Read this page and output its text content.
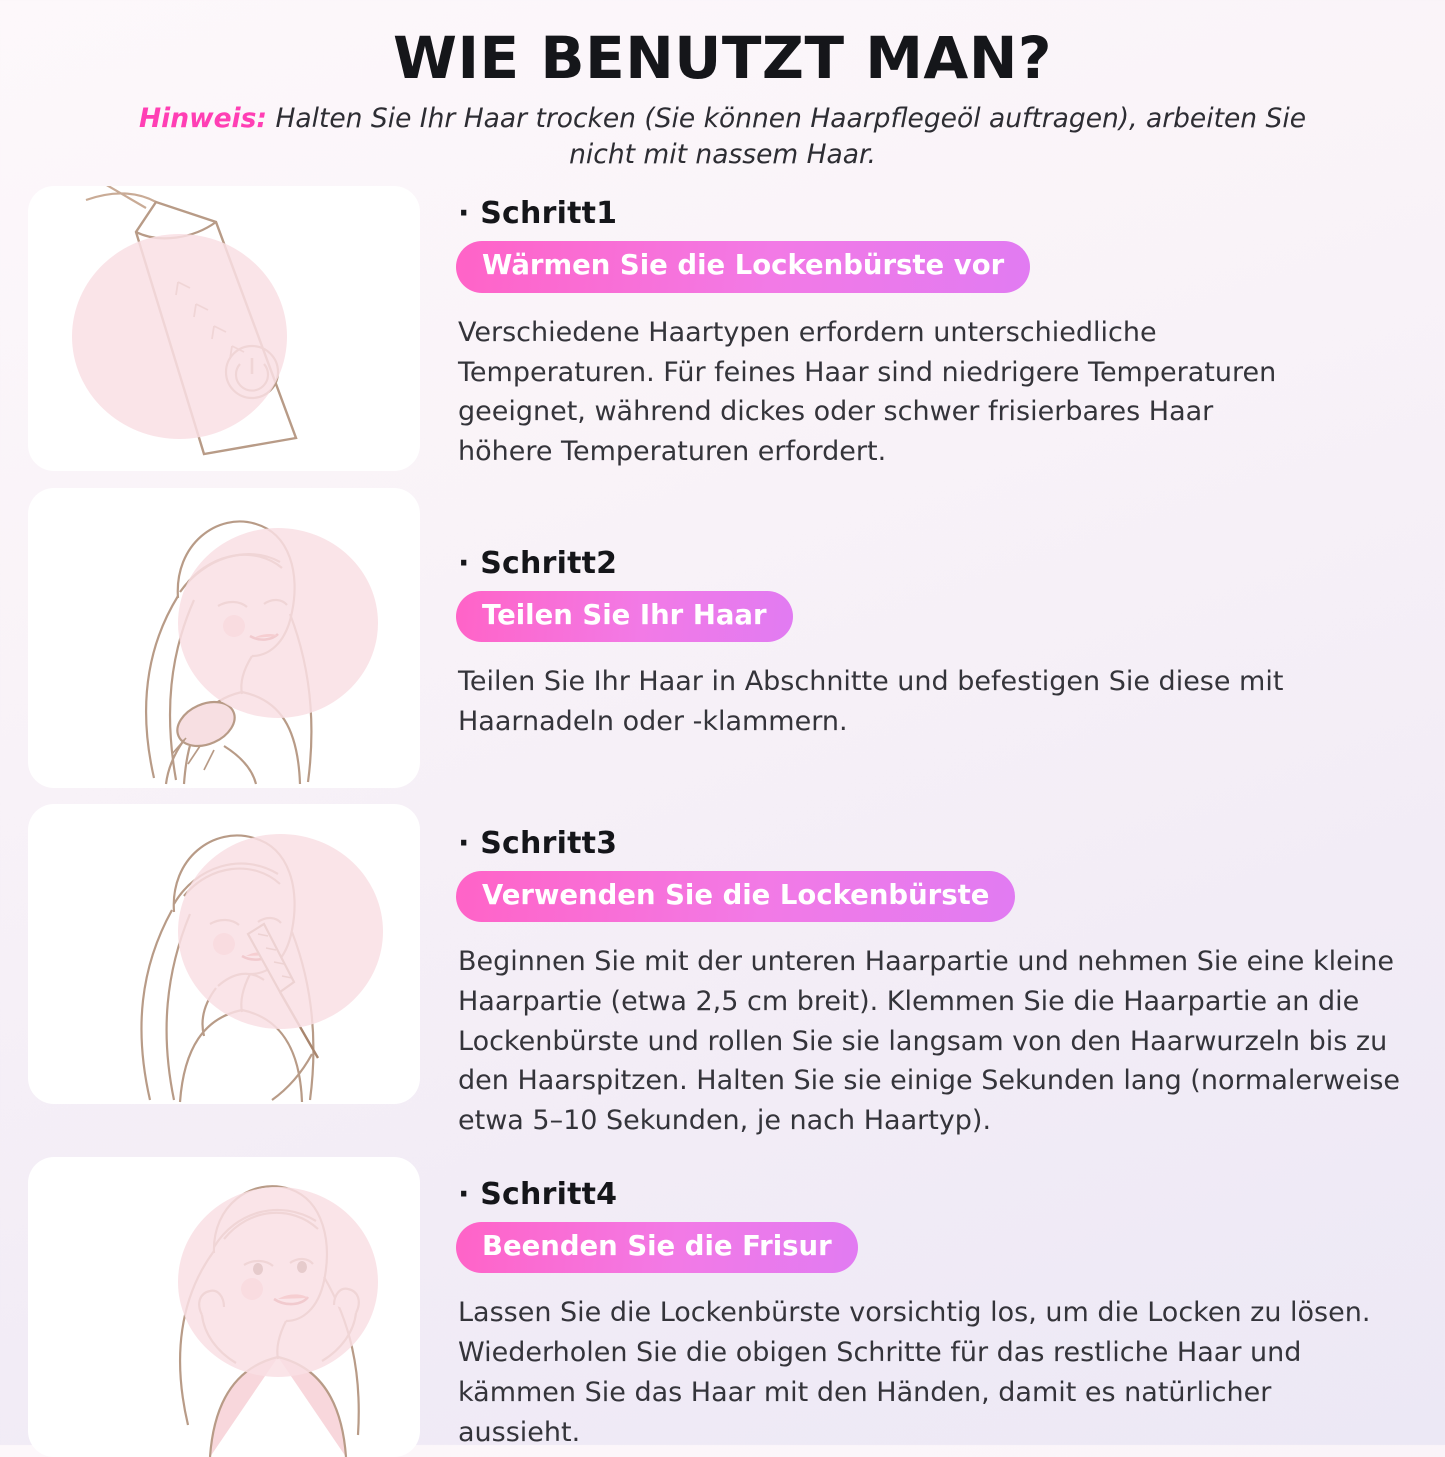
WIE BENUTZT MAN?

Hinweis: Halten Sie Ihr Haar trocken (Sie können Haarpflegeöl auftragen), arbeiten Sie nicht mit nassem Haar.

· Schritt1
Wärmen Sie die Lockenbürste vor

Verschiedene Haartypen erfordern unterschiedliche Temperaturen. Für feines Haar sind niedrigere Temperaturen geeignet, während dickes oder schwer frisierbares Haar höhere Temperaturen erfordert.

· Schritt2
Teilen Sie Ihr Haar

Teilen Sie Ihr Haar in Abschnitte und befestigen Sie diese mit Haarnadeln oder -klammern.

· Schritt3
Verwenden Sie die Lockenbürste

Beginnen Sie mit der unteren Haarpartie und nehmen Sie eine kleine Haarpartie (etwa 2,5 cm breit). Klemmen Sie die Haarpartie an die Lockenbürste und rollen Sie sie langsam von den Haarwurzeln bis zu den Haarspitzen. Halten Sie sie einige Sekunden lang (normalerweise etwa 5–10 Sekunden, je nach Haartyp).

· Schritt4
Beenden Sie die Frisur

Lassen Sie die Lockenbürste vorsichtig los, um die Locken zu lösen. Wiederholen Sie die obigen Schritte für das restliche Haar und kämmen Sie das Haar mit den Händen, damit es natürlicher aussieht.
